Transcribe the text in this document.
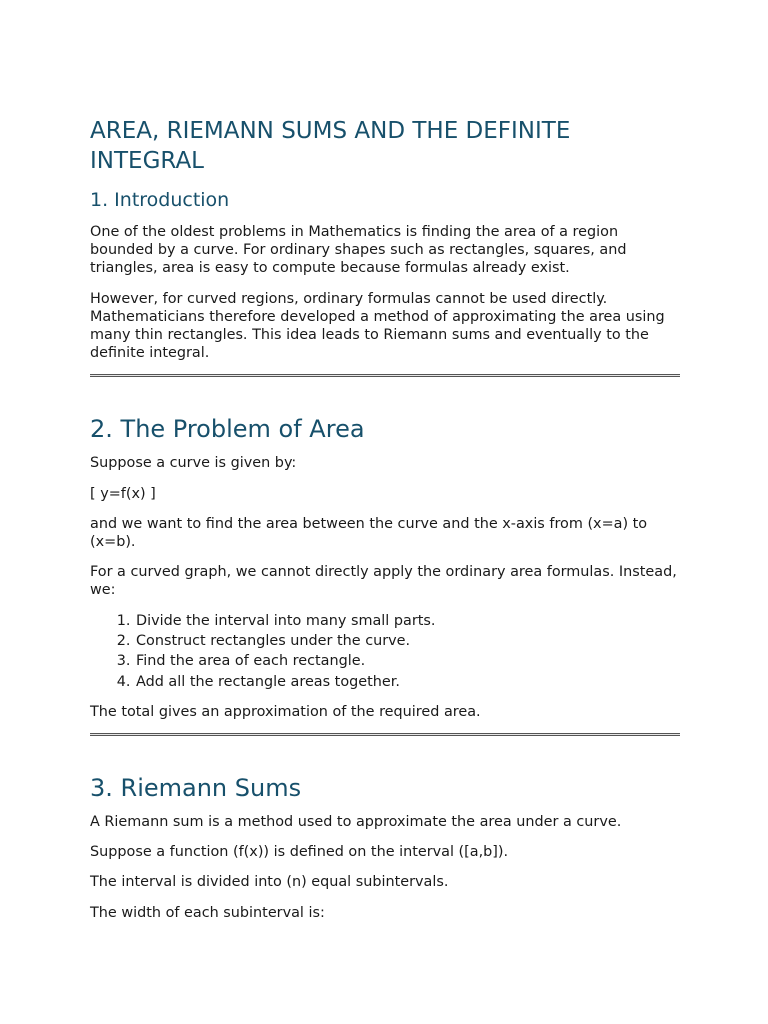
AREA, RIEMANN SUMS AND THE DEFINITE INTEGRAL
1. Introduction

One of the oldest problems in Mathematics is finding the area of a region bounded by a curve. For ordinary shapes such as rectangles, squares, and triangles, area is easy to compute because formulas already exist.

However, for curved regions, ordinary formulas cannot be used directly. Mathematicians therefore developed a method of approximating the area using many thin rectangles. This idea leads to Riemann sums and eventually to the definite integral.

2. The Problem of Area

Suppose a curve is given by:

[ y=f(x) ]

and we want to find the area between the curve and the x-axis from (x=a) to (x=b).

For a curved graph, we cannot directly apply the ordinary area formulas. Instead, we:

1. Divide the interval into many small parts.
2. Construct rectangles under the curve.
3. Find the area of each rectangle.
4. Add all the rectangle areas together.

The total gives an approximation of the required area.

3. Riemann Sums

A Riemann sum is a method used to approximate the area under a curve.

Suppose a function (f(x)) is defined on the interval ([a,b]).

The interval is divided into (n) equal subintervals.

The width of each subinterval is:
